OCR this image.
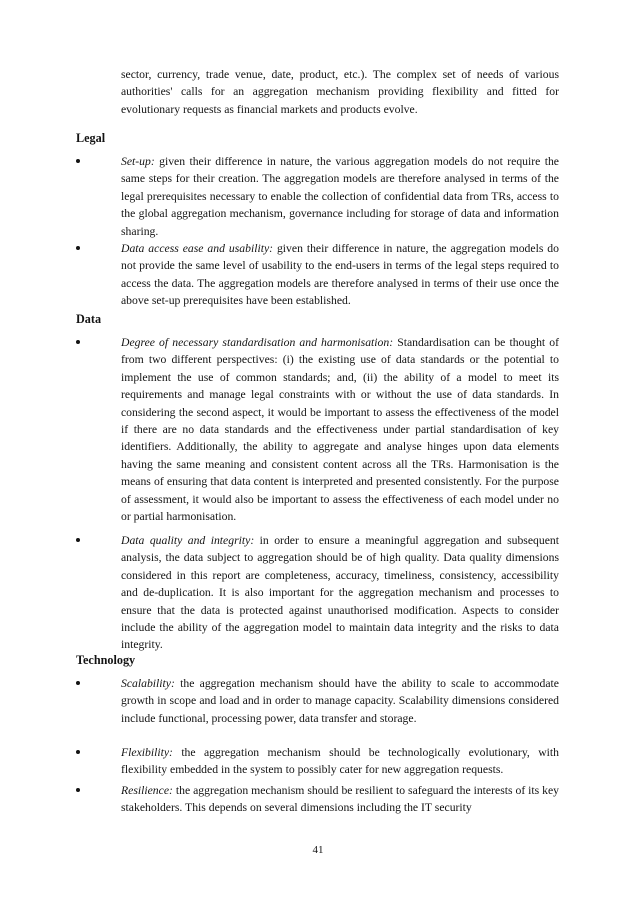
sector, currency, trade venue, date, product, etc.). The complex set of needs of various authorities' calls for an aggregation mechanism providing flexibility and fitted for evolutionary requests as financial markets and products evolve.

Legal

Set-up: given their difference in nature, the various aggregation models do not require the same steps for their creation. The aggregation models are therefore analysed in terms of the legal prerequisites necessary to enable the collection of confidential data from TRs, access to the global aggregation mechanism, governance including for storage of data and information sharing.

Data access ease and usability: given their difference in nature, the aggregation models do not provide the same level of usability to the end-users in terms of the legal steps required to access the data. The aggregation models are therefore analysed in terms of their use once the above set-up prerequisites have been established.

Data

Degree of necessary standardisation and harmonisation: Standardisation can be thought of from two different perspectives: (i) the existing use of data standards or the potential to implement the use of common standards; and, (ii) the ability of a model to meet its requirements and manage legal constraints with or without the use of data standards. In considering the second aspect, it would be important to assess the effectiveness of the model if there are no data standards and the effectiveness under partial standardisation of key identifiers. Additionally, the ability to aggregate and analyse hinges upon data elements having the same meaning and consistent content across all the TRs. Harmonisation is the means of ensuring that data content is interpreted and presented consistently. For the purpose of assessment, it would also be important to assess the effectiveness of each model under no or partial harmonisation.

Data quality and integrity: in order to ensure a meaningful aggregation and subsequent analysis, the data subject to aggregation should be of high quality. Data quality dimensions considered in this report are completeness, accuracy, timeliness, consistency, accessibility and de-duplication. It is also important for the aggregation mechanism and processes to ensure that the data is protected against unauthorised modification. Aspects to consider include the ability of the aggregation model to maintain data integrity and the risks to data integrity.

Technology

Scalability: the aggregation mechanism should have the ability to scale to accommodate growth in scope and load and in order to manage capacity. Scalability dimensions considered include functional, processing power, data transfer and storage.

Flexibility: the aggregation mechanism should be technologically evolutionary, with flexibility embedded in the system to possibly cater for new aggregation requests.

Resilience: the aggregation mechanism should be resilient to safeguard the interests of its key stakeholders. This depends on several dimensions including the IT security

41
